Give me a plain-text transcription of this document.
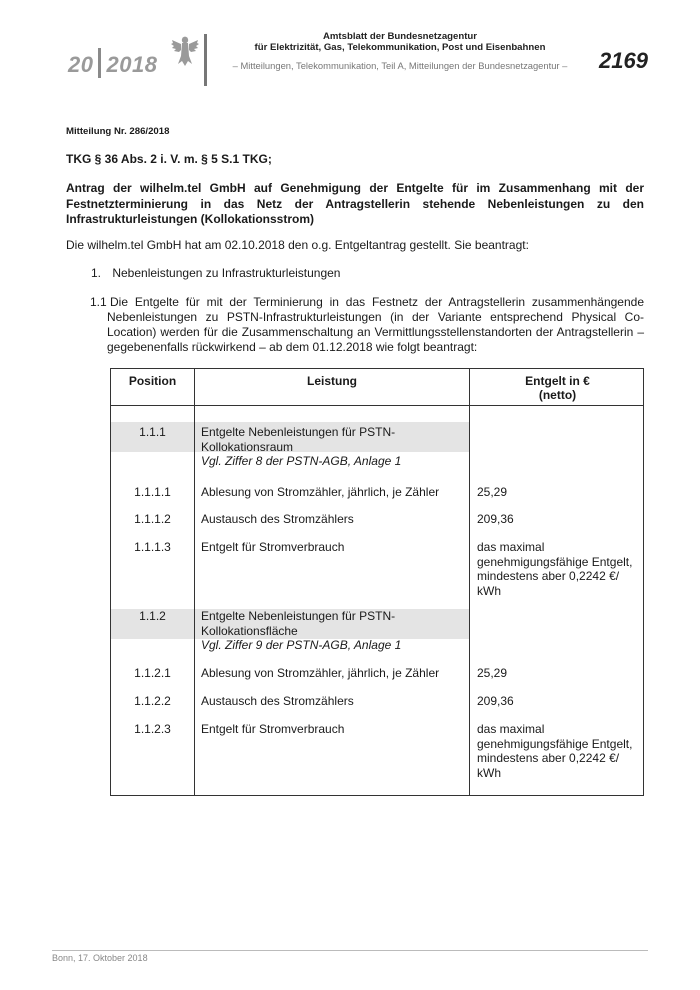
20 2018
Amtsblatt der Bundesnetzagentur
für Elektrizität, Gas, Telekommunikation, Post und Eisenbahnen
– Mitteilungen, Telekommunikation, Teil A, Mitteilungen der Bundesnetzagentur –	2169
Mitteilung Nr. 286/2018
TKG § 36 Abs. 2 i. V. m. § 5 S.1 TKG;
Antrag der wilhelm.tel GmbH auf Genehmigung der Entgelte für im Zusammenhang mit der Festnetzterminierung in das Netz der Antragstellerin stehende Nebenleistungen zu den Infrastrukturleistungen (Kollokationsstrom)
Die wilhelm.tel GmbH hat am 02.10.2018 den o.g. Entgeltantrag gestellt. Sie beantragt:
1. Nebenleistungen zu Infrastrukturleistungen
1.1 Die Entgelte für mit der Terminierung in das Festnetz der Antragstellerin zusammenhängende Nebenleistungen zu PSTN-Infrastrukturleistungen (in der Variante entsprechend Physical Co-Location) werden für die Zusammenschaltung an Vermittlungsstellenstandorten der Antragstellerin – gegebenenfalls rückwirkend – ab dem 01.12.2018 wie folgt beantragt:
Position	Leistung	Entgelt in €
(netto)
1.1.1	Entgelte Nebenleistungen für PSTN-Kollokationsraum
Vgl. Ziffer 8 der PSTN-AGB, Anlage 1
1.1.1.1	Ablesung von Stromzähler, jährlich, je Zähler	25,29
1.1.1.2	Austausch des Stromzählers	209,36
1.1.1.3	Entgelt für Stromverbrauch	das maximal genehmigungsfähige Entgelt, mindestens aber 0,2242 €/ kWh
1.1.2	Entgelte Nebenleistungen für PSTN-Kollokationsfläche
Vgl. Ziffer 9 der PSTN-AGB, Anlage 1
1.1.2.1	Ablesung von Stromzähler, jährlich, je Zähler	25,29
1.1.2.2	Austausch des Stromzählers	209,36
1.1.2.3	Entgelt für Stromverbrauch	das maximal genehmigungsfähige Entgelt, mindestens aber 0,2242 €/ kWh
Bonn, 17. Oktober 2018
